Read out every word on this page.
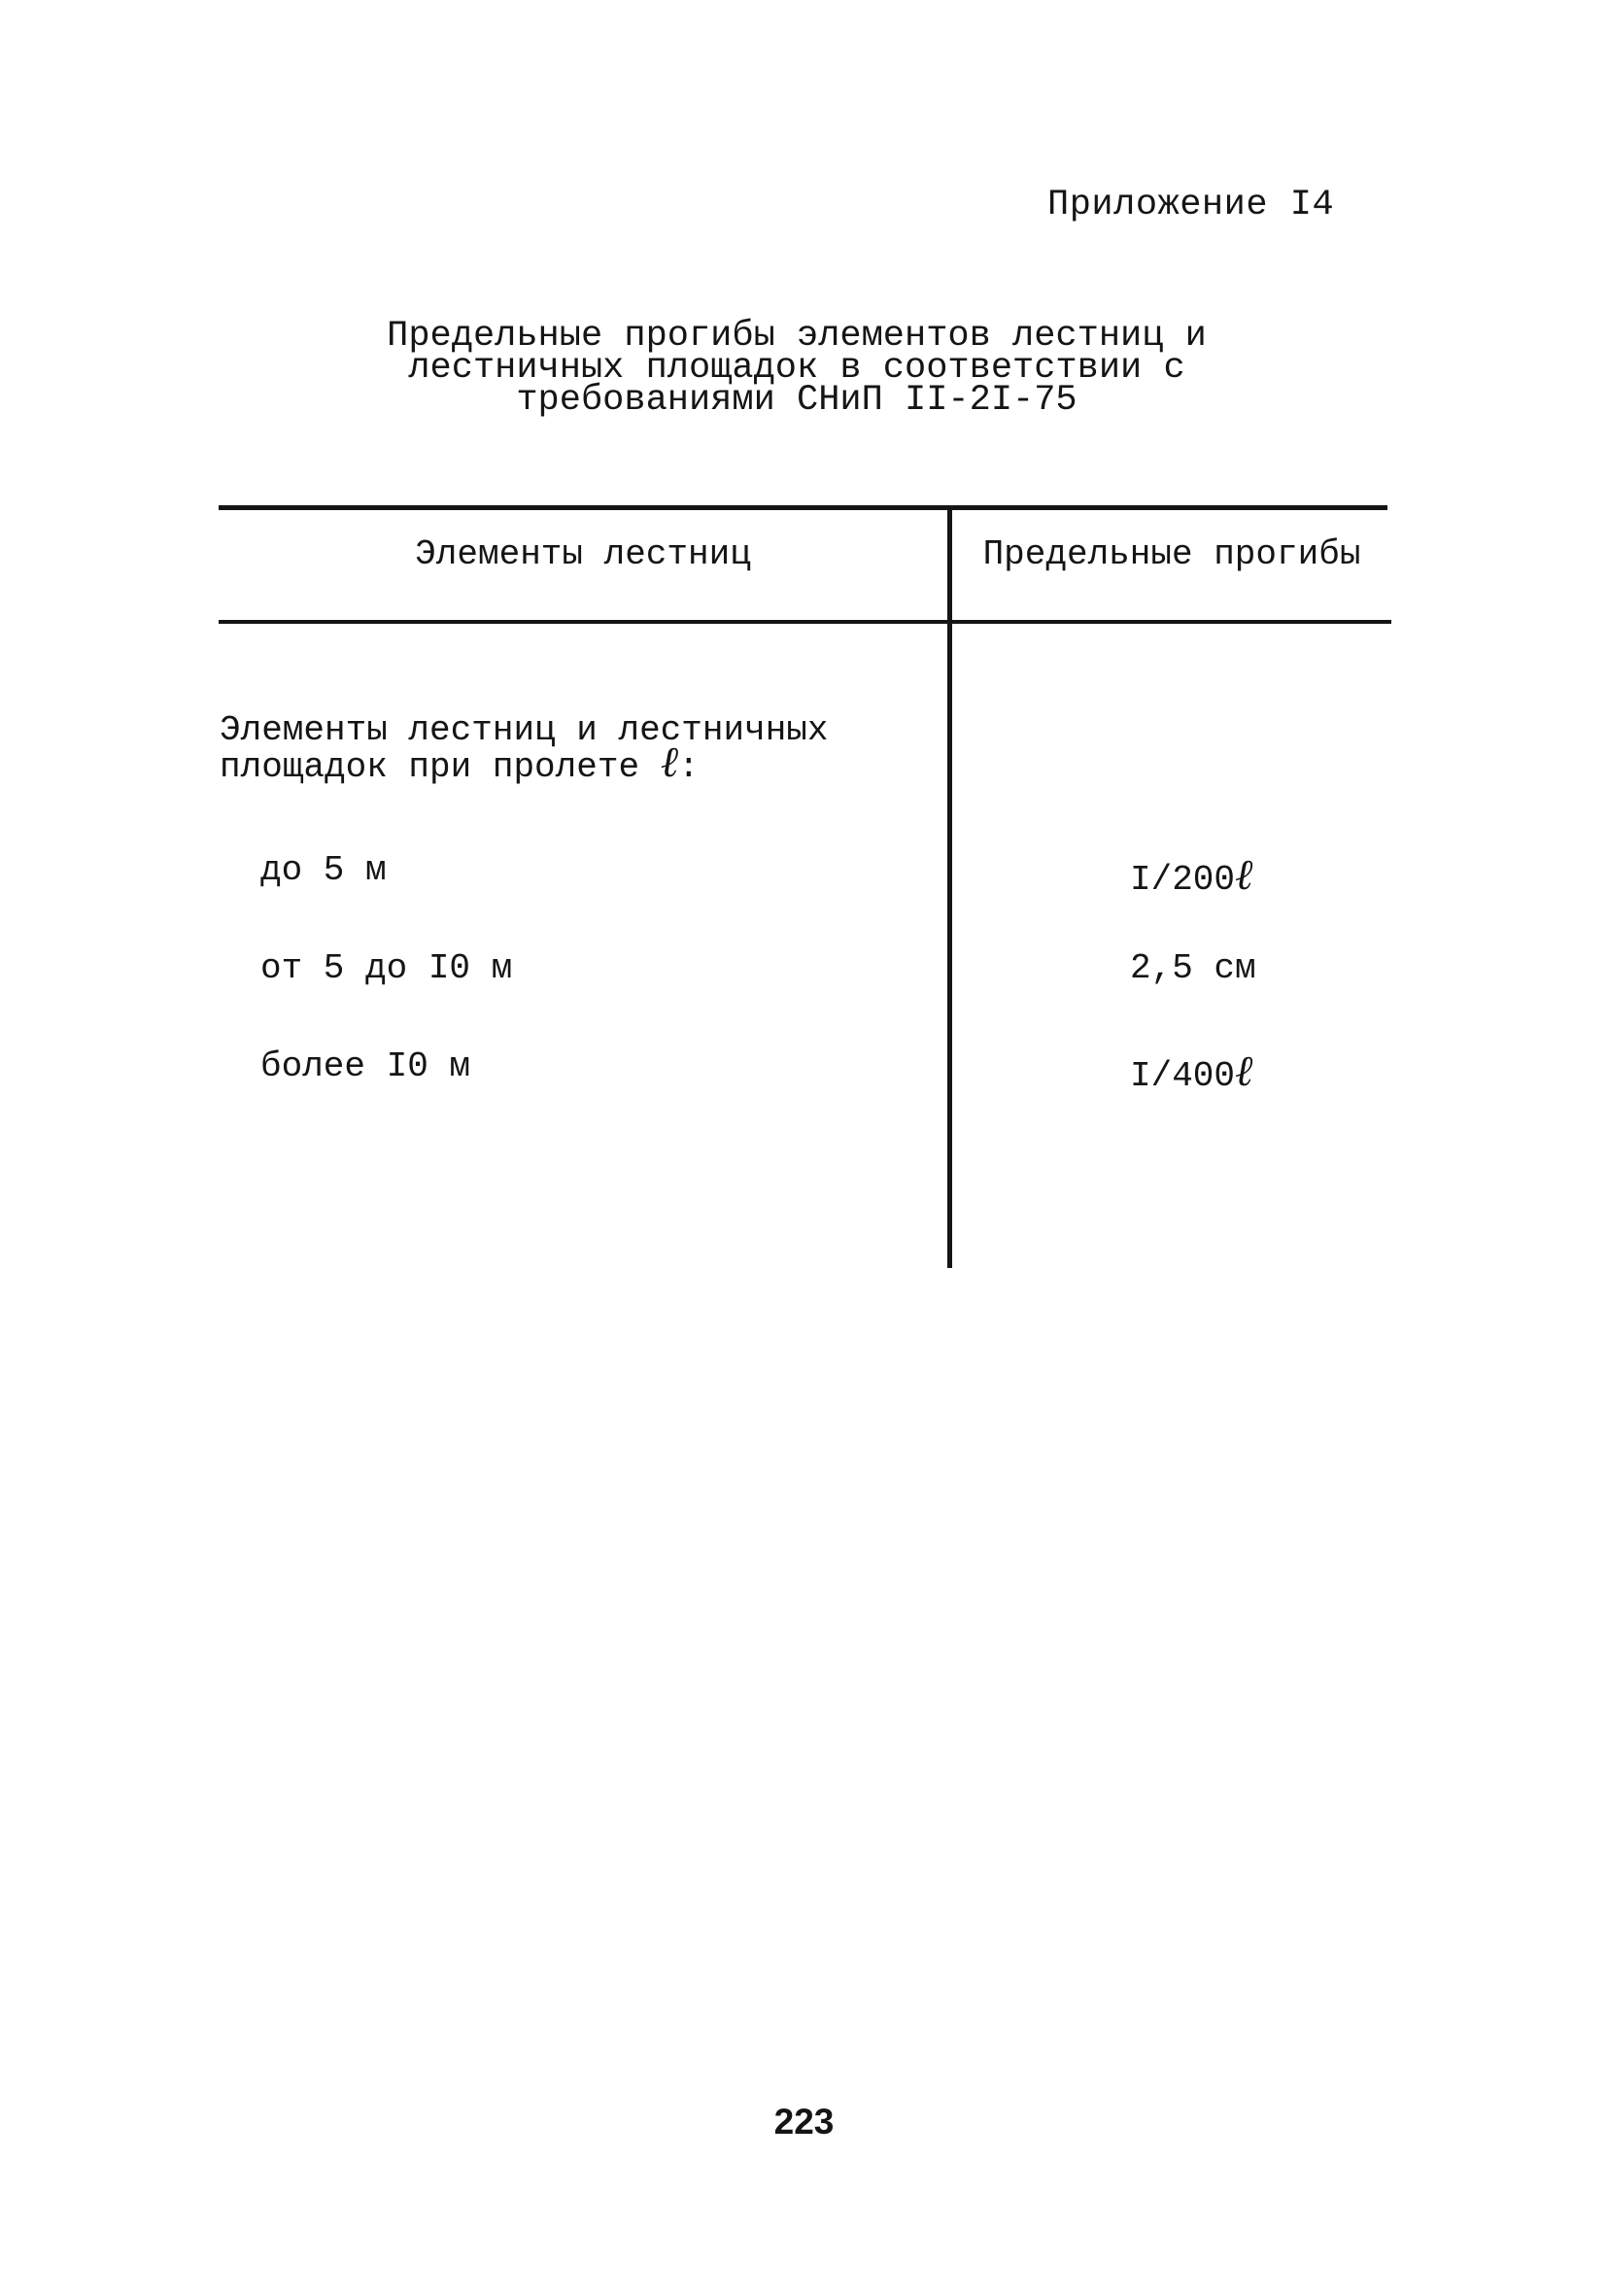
Приложение I4
Предельные прогибы элементов лестниц и
лестничных площадок в соответствии с
требованиями СНиП II-2I-75
Элементы лестниц	Предельные прогибы
Элементы лестниц и лестничных
площадок при пролете ℓ:
до 5 м	I/200ℓ
от 5 до I0 м	2,5 см
более I0 м	I/400ℓ
223
